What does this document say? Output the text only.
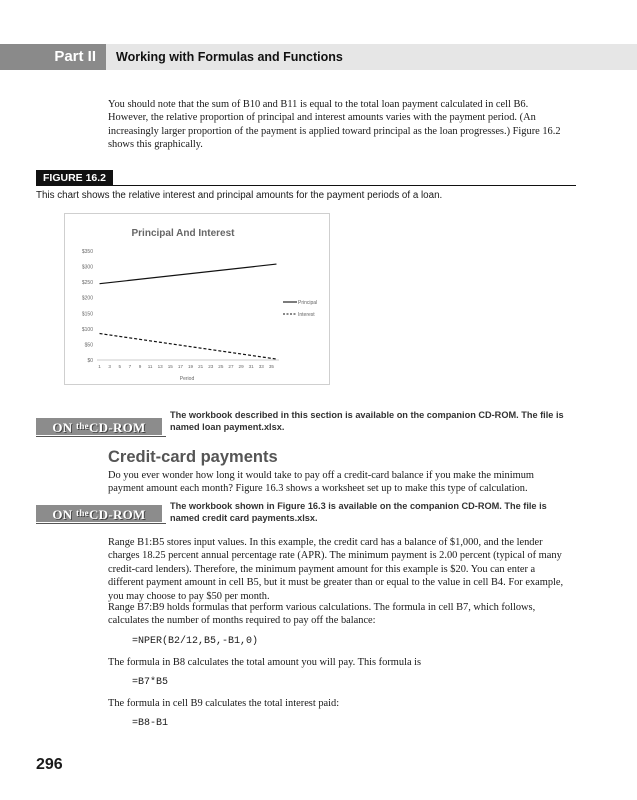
Part II	Working with Formulas and Functions

You should note that the sum of B10 and B11 is equal to the total loan payment calculated in cell B6. However, the relative proportion of principal and interest amounts varies with the payment period. (An increasingly larger proportion of the payment is applied toward principal as the loan progresses.) Figure 16.2 shows this graphically.

FIGURE 16.2

This chart shows the relative interest and principal amounts for the payment periods of a loan.

Principal And Interest
$0
$50
$100
$150
$200
$250
$300
$350
1 3 5 7 9 11 13 15 17 19 21 23 25 27 29 31 33 35
Principal
Interest
Period
ON $^{the}$CD-ROM

The workbook described in this section is available on the companion CD-ROM. The file is named loan payment.xlsx.

Credit-card payments

Do you ever wonder how long it would take to pay off a credit-card balance if you make the minimum payment amount each month? Figure 16.3 shows a worksheet set up to make this type of calculation.

ON $^{the}$CD-ROM

The workbook shown in Figure 16.3 is available on the companion CD-ROM. The file is named credit card payments.xlsx.

Range B1:B5 stores input values. In this example, the credit card has a balance of $1,000, and the lender charges 18.25 percent annual percentage rate (APR). The minimum payment is 2.00 percent (typical of many credit-card lenders). Therefore, the minimum payment amount for this example is $20. You can enter a different payment amount in cell B5, but it must be greater than or equal to the value in cell B4. For example, you may choose to pay $50 per month.

Range B7:B9 holds formulas that perform various calculations. The formula in cell B7, which follows, calculates the number of months required to pay off the balance:

=NPER(B2/12,B5,-B1,0)

The formula in B8 calculates the total amount you will pay. This formula is

=B7*B5

The formula in cell B9 calculates the total interest paid:

=B8-B1

296
